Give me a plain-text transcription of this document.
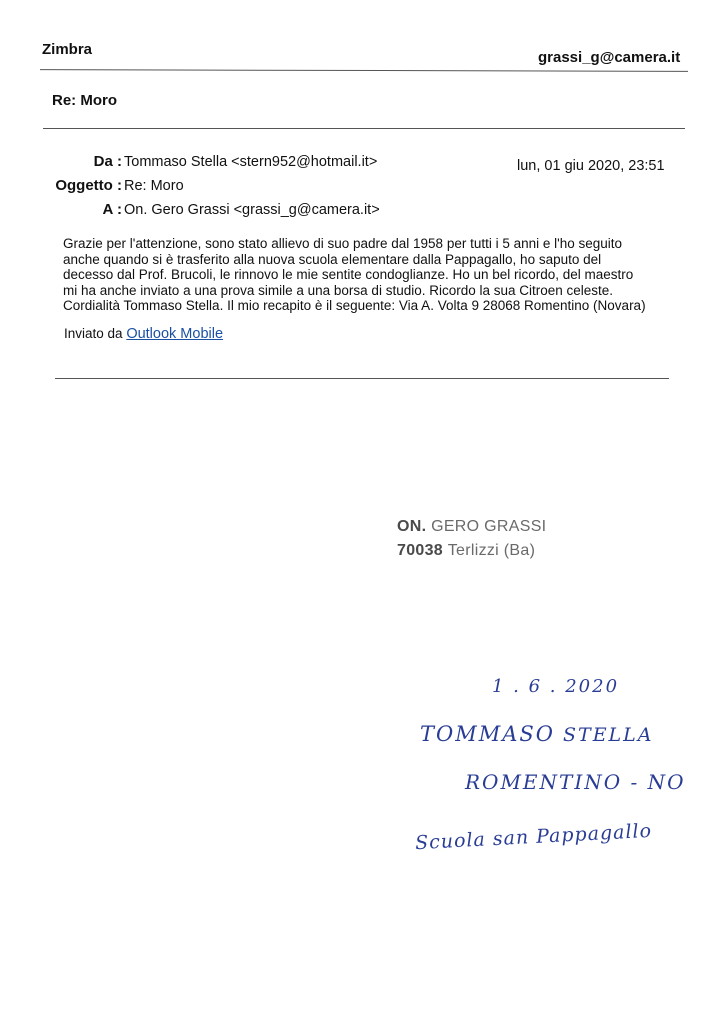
Zimbra	grassi_g@camera.it
Re: Moro
Da : Tommaso Stella <stern952@hotmail.it>	lun, 01 giu 2020, 23:51
Oggetto : Re: Moro
A : On. Gero Grassi <grassi_g@camera.it>

Grazie per l'attenzione, sono stato allievo di suo padre dal 1958 per tutti i 5 anni e l'ho seguito

anche quando si è trasferito alla nuova scuola elementare dalla Pappagallo, ho saputo del

decesso dal Prof. Brucoli, le rinnovo le mie sentite condoglianze. Ho un bel ricordo, del maestro

mi ha anche inviato a una prova simile a una borsa di studio. Ricordo la sua Citroen celeste.

Cordialità Tommaso Stella. Il mio recapito è il seguente: Via A. Volta 9 28068 Romentino (Novara)

Inviato da Outlook Mobile
ON. GERO GRASSI
70038 Terlizzi (Ba)
1 . 6 . 2020
TOMMASO STELLA
ROMENTINO - NO
Scuola san Pappagallo
